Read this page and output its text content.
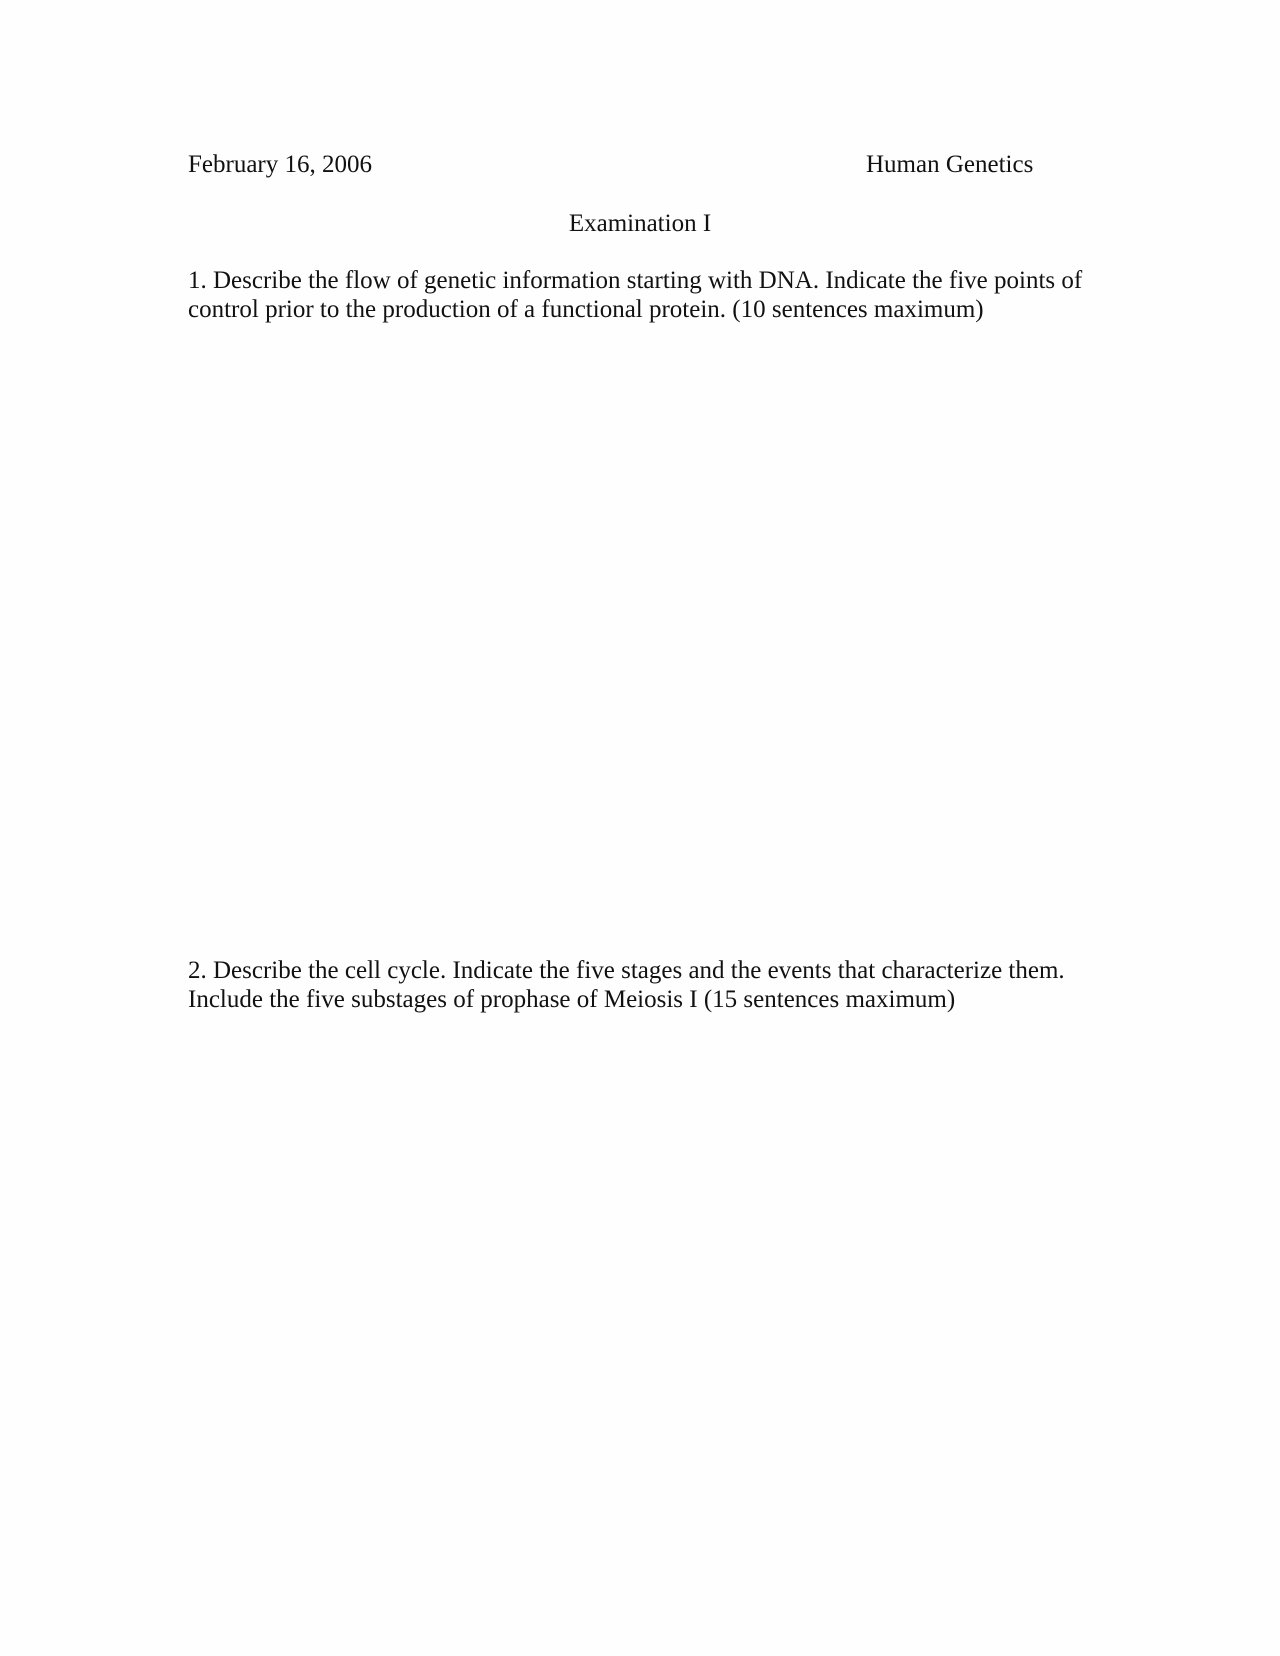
February 16, 2006	Human Genetics
Examination I

1. Describe the flow of genetic information starting with DNA. Indicate the five points of

control prior to the production of a functional protein. (10 sentences maximum)

2. Describe the cell cycle. Indicate the five stages and the events that characterize them.

Include the five substages of prophase of Meiosis I (15 sentences maximum)
